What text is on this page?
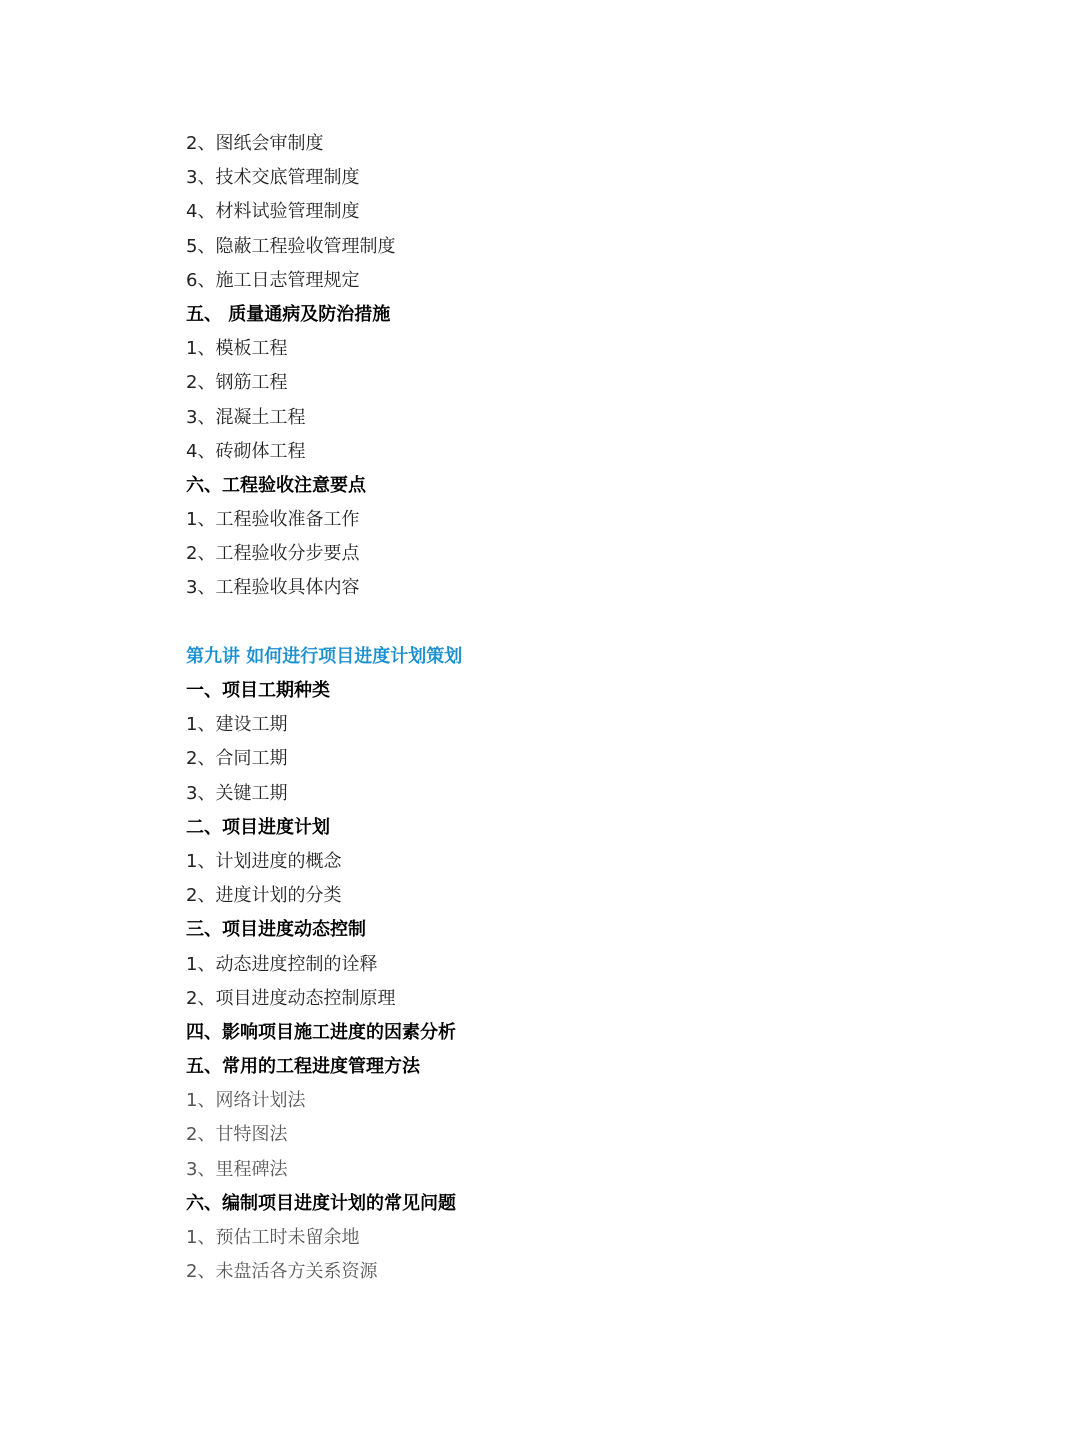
2、图纸会审制度
3、技术交底管理制度
4、材料试验管理制度
5、隐蔽工程验收管理制度
6、施工日志管理规定
五、 质量通病及防治措施
1、模板工程
2、钢筋工程
3、混凝土工程
4、砖砌体工程
六、工程验收注意要点
1、工程验收准备工作
2、工程验收分步要点
3、工程验收具体内容
第九讲 如何进行项目进度计划策划
一、项目工期种类
1、建设工期
2、合同工期
3、关键工期
二、项目进度计划
1、计划进度的概念
2、进度计划的分类
三、项目进度动态控制
1、动态进度控制的诠释
2、项目进度动态控制原理
四、影响项目施工进度的因素分析
五、常用的工程进度管理方法
1、网络计划法
2、甘特图法
3、里程碑法
六、编制项目进度计划的常见问题
1、预估工时未留余地
2、未盘活各方关系资源
